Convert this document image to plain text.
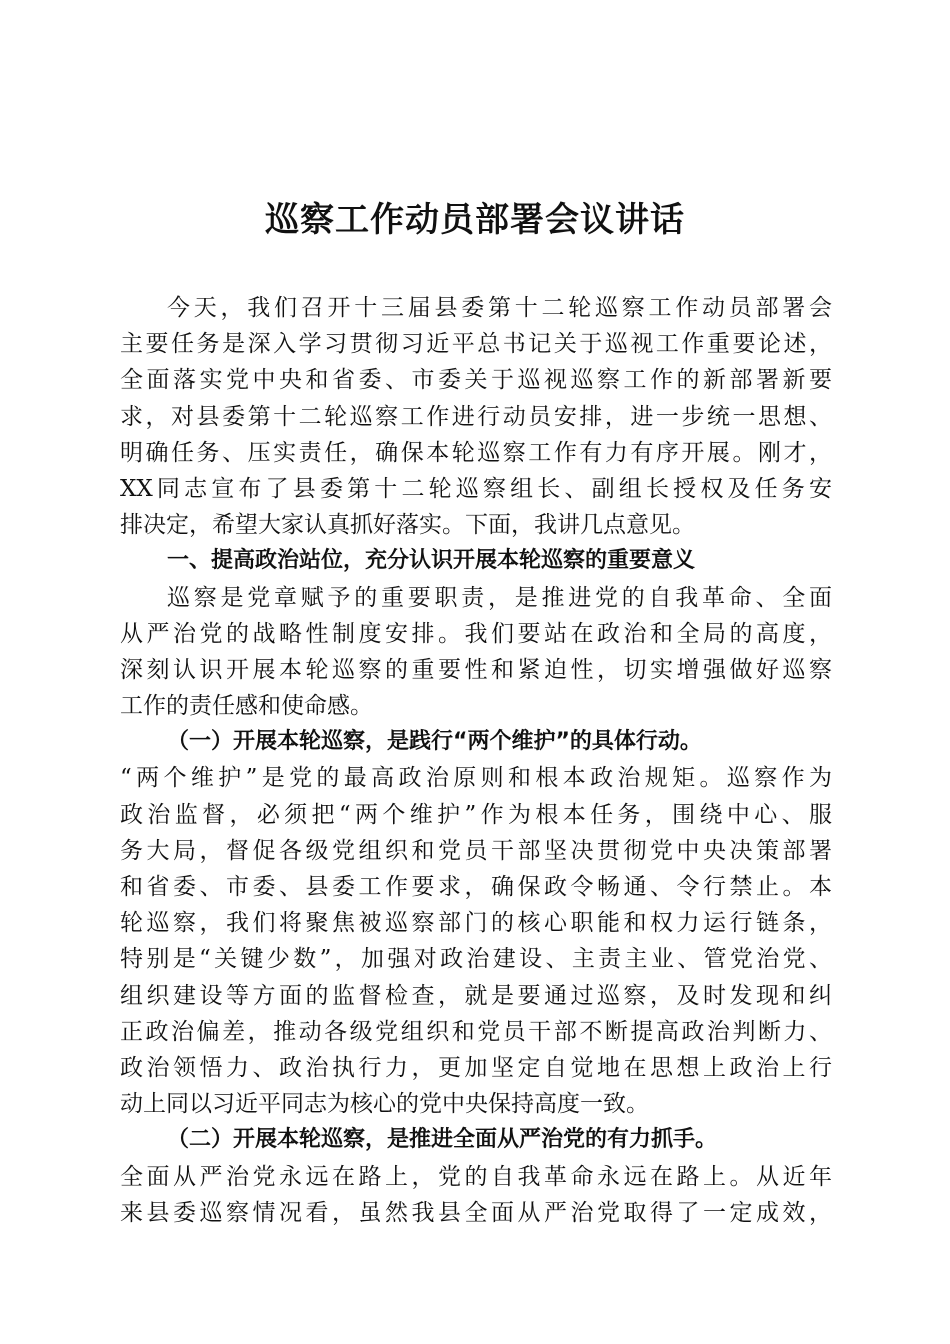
巡察工作动员部署会议讲话
今天，我们召开十三届县委第十二轮巡察工作动员部署会
主要任务是深入学习贯彻习近平总书记关于巡视工作重要论述，
全面落实党中央和省委、市委关于巡视巡察工作的新部署新要
求，对县委第十二轮巡察工作进行动员安排，进一步统一思想、
明确任务、压实责任，确保本轮巡察工作有力有序开展。刚才，
XX同志宣布了县委第十二轮巡察组长、副组长授权及任务安
排决定，希望大家认真抓好落实。下面，我讲几点意见。
一、提高政治站位，充分认识开展本轮巡察的重要意义
巡察是党章赋予的重要职责，是推进党的自我革命、全面
从严治党的战略性制度安排。我们要站在政治和全局的高度，
深刻认识开展本轮巡察的重要性和紧迫性，切实增强做好巡察
工作的责任感和使命感。
（一）开展本轮巡察，是践行“两个维护”的具体行动。
“两个维护”是党的最高政治原则和根本政治规矩。巡察作为
政治监督，必须把“两个维护”作为根本任务，围绕中心、服
务大局，督促各级党组织和党员干部坚决贯彻党中央决策部署
和省委、市委、县委工作要求，确保政令畅通、令行禁止。本
轮巡察，我们将聚焦被巡察部门的核心职能和权力运行链条，
特别是“关键少数”，加强对政治建设、主责主业、管党治党、
组织建设等方面的监督检查，就是要通过巡察，及时发现和纠
正政治偏差，推动各级党组织和党员干部不断提高政治判断力、
政治领悟力、政治执行力，更加坚定自觉地在思想上政治上行
动上同以习近平同志为核心的党中央保持高度一致。
（二）开展本轮巡察，是推进全面从严治党的有力抓手。
全面从严治党永远在路上，党的自我革命永远在路上。从近年
来县委巡察情况看，虽然我县全面从严治党取得了一定成效，
